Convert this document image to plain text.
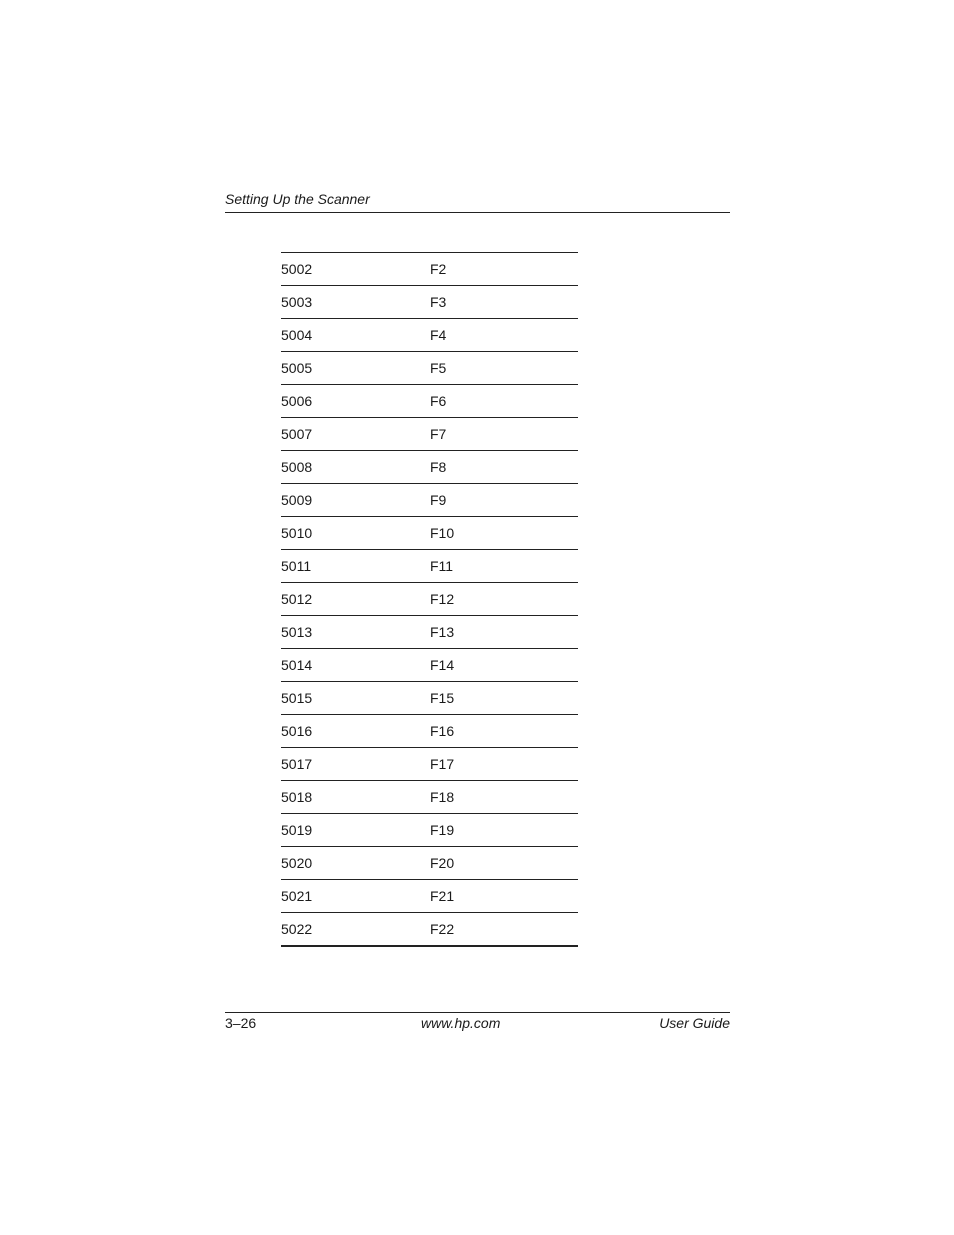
Setting Up the Scanner
5002	F2
5003	F3
5004	F4
5005	F5
5006	F6
5007	F7
5008	F8
5009	F9
5010	F10
5011	F11
5012	F12
5013	F13
5014	F14
5015	F15
5016	F16
5017	F17
5018	F18
5019	F19
5020	F20
5021	F21
5022	F22
3–26	www.hp.com	User Guide
